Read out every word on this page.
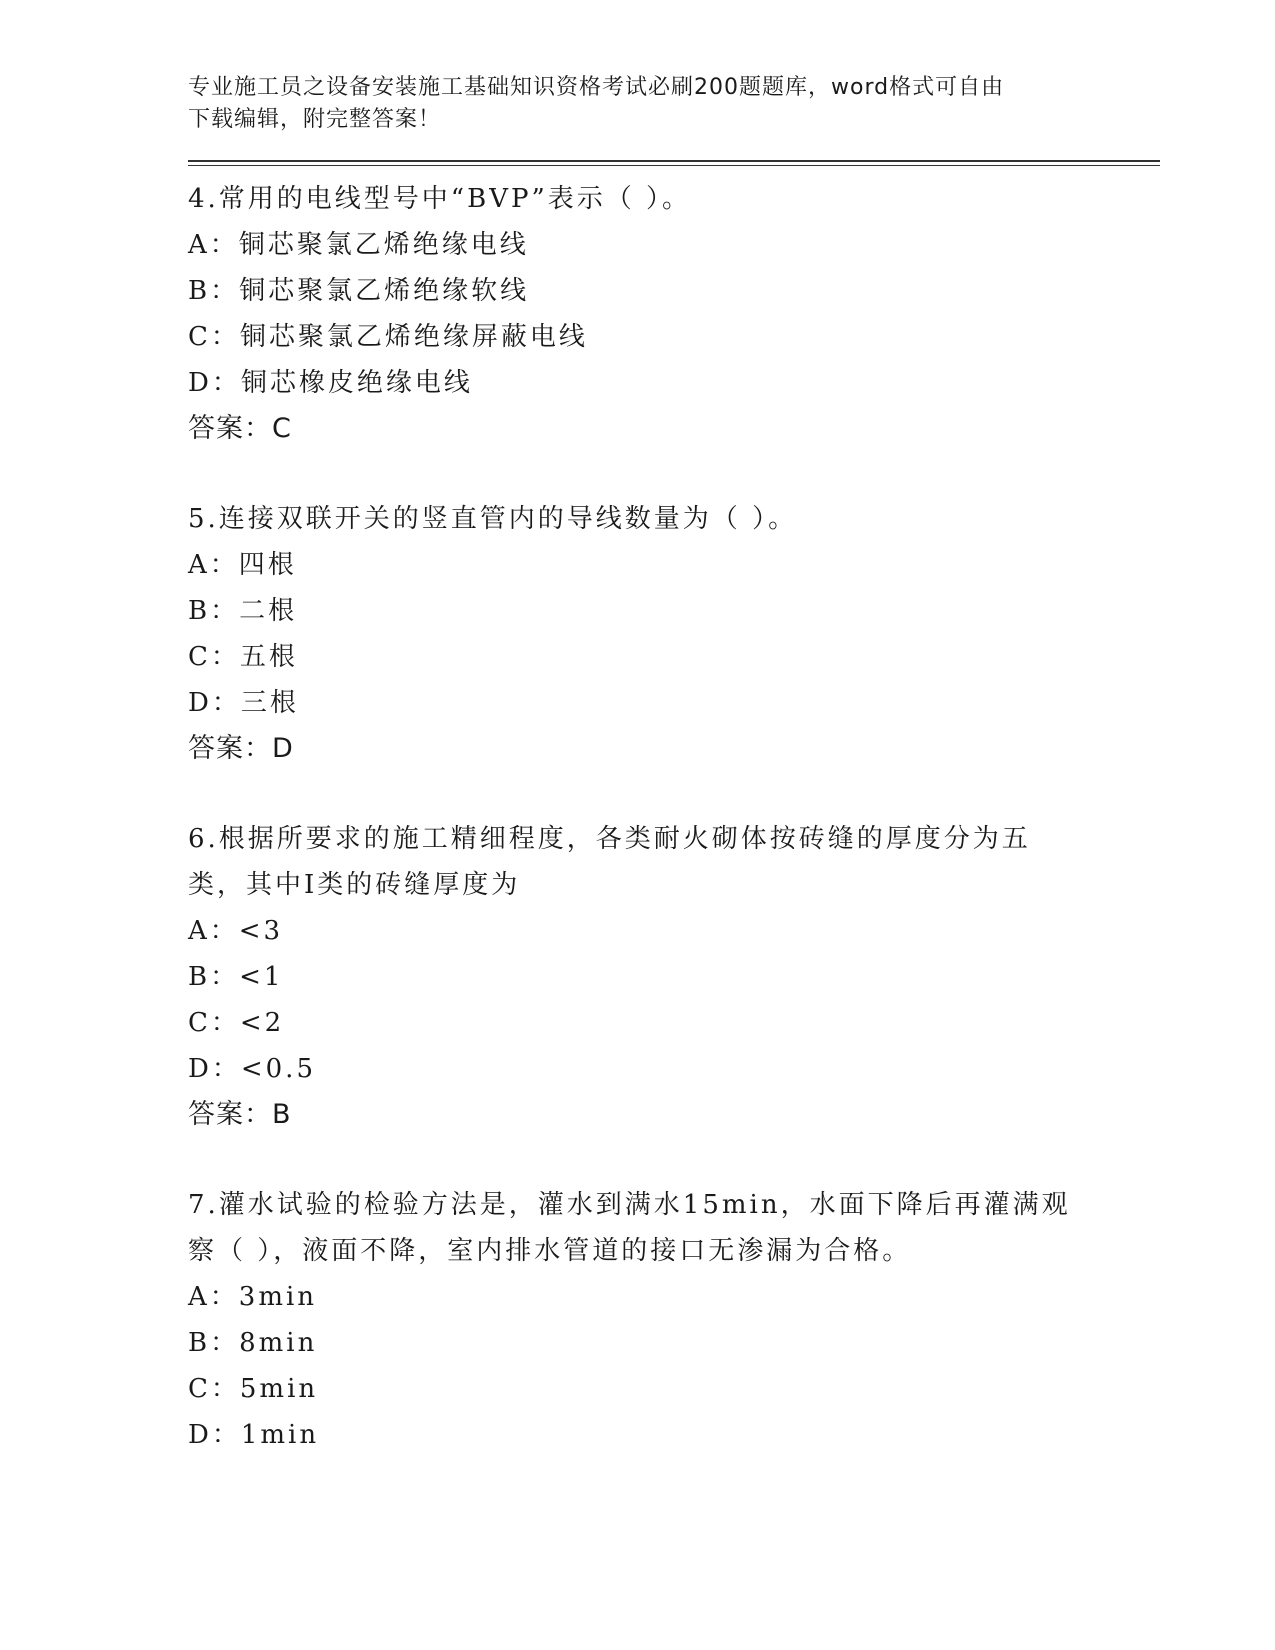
专业施工员之设备安装施工基础知识资格考试必刷200题题库，word格式可自由
下载编辑，附完整答案！
4.常用的电线型号中“BVP”表示（ ）。
A：铜芯聚氯乙烯绝缘电线
B：铜芯聚氯乙烯绝缘软线
C：铜芯聚氯乙烯绝缘屏蔽电线
D：铜芯橡皮绝缘电线
答案：C
5.连接双联开关的竖直管内的导线数量为（ ）。
A：四根
B：二根
C：五根
D：三根
答案：D
6.根据所要求的施工精细程度，各类耐火砌体按砖缝的厚度分为五类，其中I类的砖缝厚度为
A：<3
B：<1
C：<2
D：<0.5
答案：B
7.灌水试验的检验方法是，灌水到满水15min，水面下降后再灌满观察（ ），液面不降，室内排水管道的接口无渗漏为合格。
A：3min
B：8min
C：5min
D：1min
